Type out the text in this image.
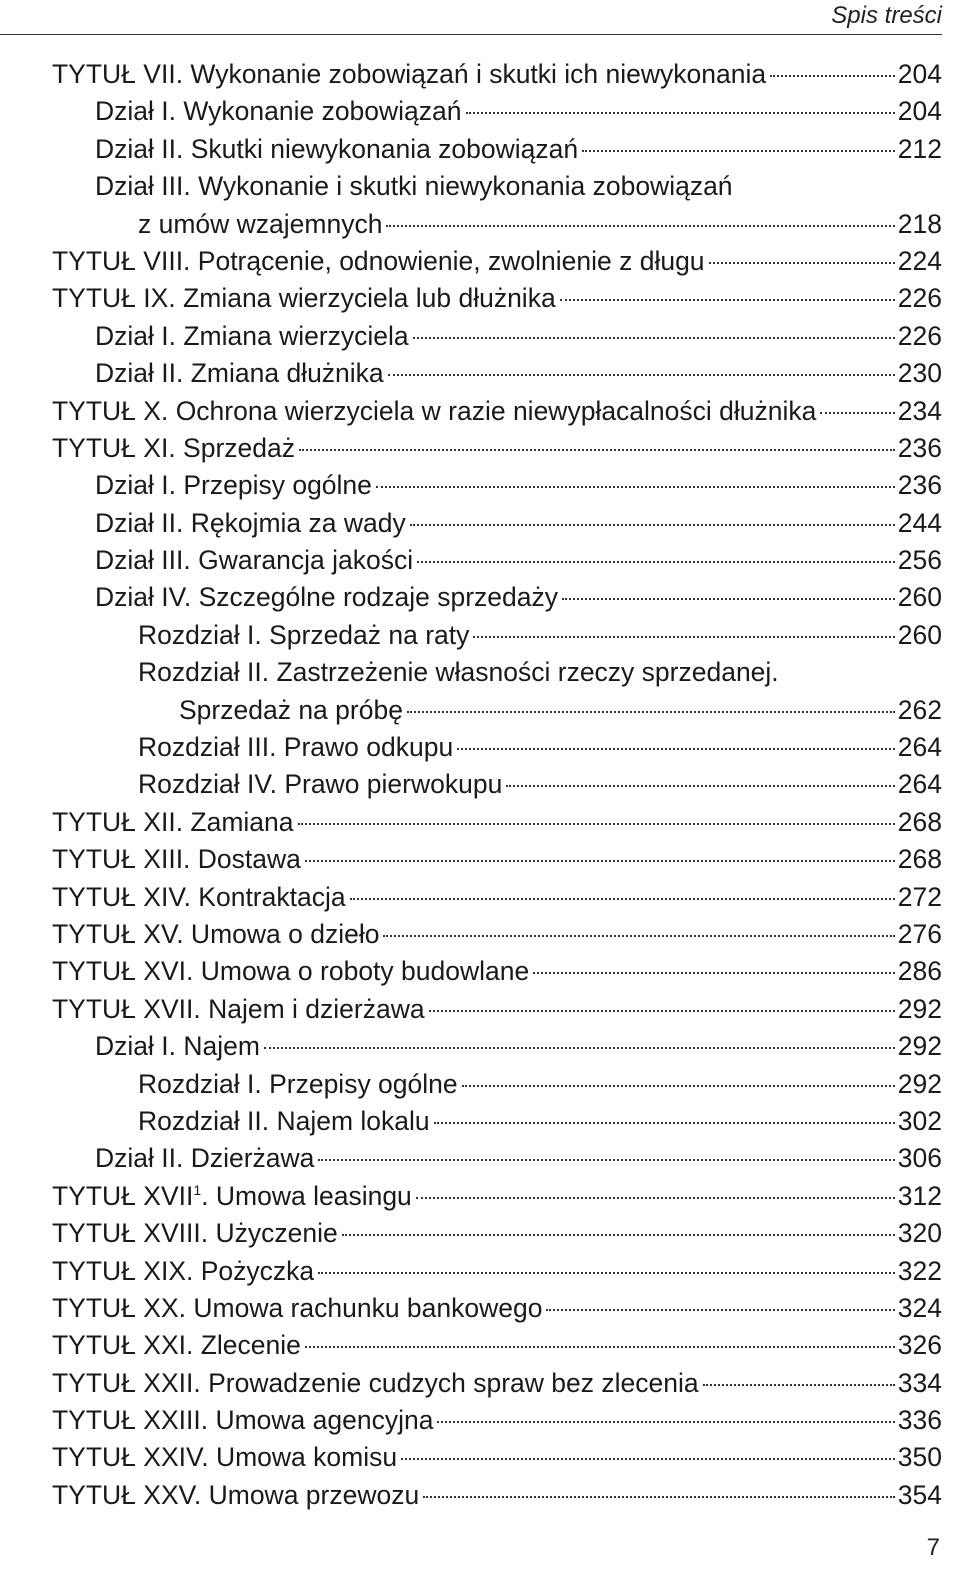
Spis treści
TYTUŁ VII. Wykonanie zobowiązań i skutki ich niewykonania	204
Dział I. Wykonanie zobowiązań	204
Dział II. Skutki niewykonania zobowiązań	212
Dział III. Wykonanie i skutki niewykonania zobowiązań
z umów wzajemnych	218
TYTUŁ VIII. Potrącenie, odnowienie, zwolnienie z długu	224
TYTUŁ IX. Zmiana wierzyciela lub dłużnika	226
Dział I. Zmiana wierzyciela	226
Dział II. Zmiana dłużnika	230
TYTUŁ X. Ochrona wierzyciela w razie niewypłacalności dłużnika	234
TYTUŁ XI. Sprzedaż	236
Dział I. Przepisy ogólne	236
Dział II. Rękojmia za wady	244
Dział III. Gwarancja jakości	256
Dział IV. Szczególne rodzaje sprzedaży	260
Rozdział I. Sprzedaż na raty	260
Rozdział II. Zastrzeżenie własności rzeczy sprzedanej.
Sprzedaż na próbę	262
Rozdział III. Prawo odkupu	264
Rozdział IV. Prawo pierwokupu	264
TYTUŁ XII. Zamiana	268
TYTUŁ XIII. Dostawa	268
TYTUŁ XIV. Kontraktacja	272
TYTUŁ XV. Umowa o dzieło	276
TYTUŁ XVI. Umowa o roboty budowlane	286
TYTUŁ XVII. Najem i dzierżawa	292
Dział I. Najem	292
Rozdział I. Przepisy ogólne	292
Rozdział II. Najem lokalu	302
Dział II. Dzierżawa	306
TYTUŁ XVII$^1$. Umowa leasingu	312
TYTUŁ XVIII. Użyczenie	320
TYTUŁ XIX. Pożyczka	322
TYTUŁ XX. Umowa rachunku bankowego	324
TYTUŁ XXI. Zlecenie	326
TYTUŁ XXII. Prowadzenie cudzych spraw bez zlecenia	334
TYTUŁ XXIII. Umowa agencyjna	336
TYTUŁ XXIV. Umowa komisu	350
TYTUŁ XXV. Umowa przewozu	354
7
